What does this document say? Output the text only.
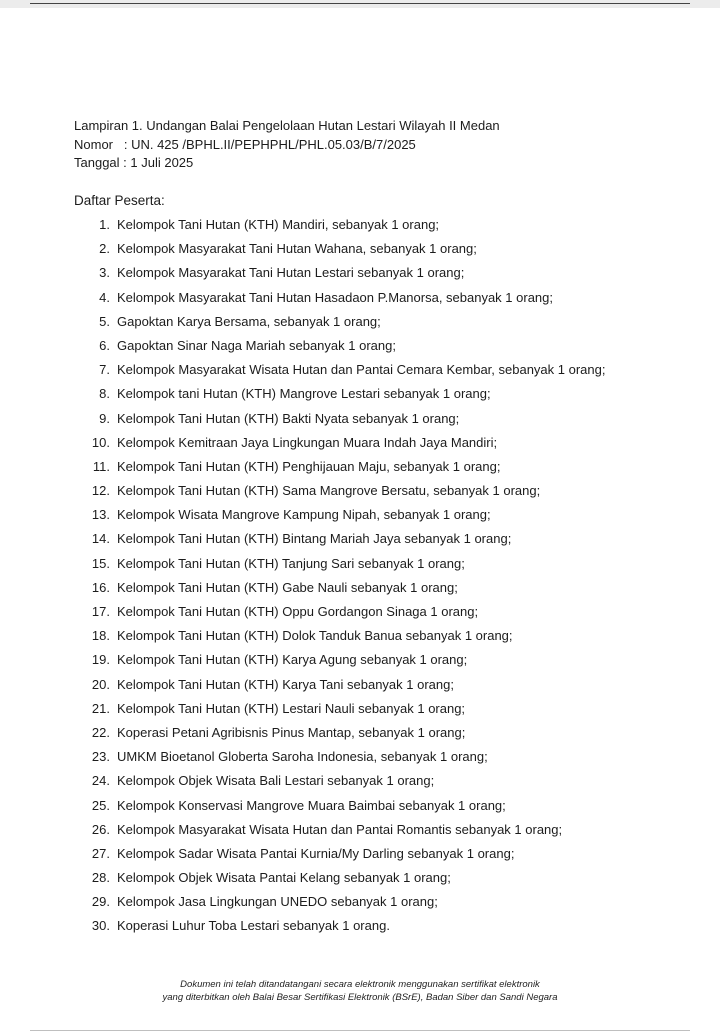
Lampiran 1. Undangan Balai Pengelolaan Hutan Lestari Wilayah II Medan
Nomor   : UN. 425 /BPHL.II/PEPHPHL/PHL.05.03/B/7/2025
Tanggal : 1 Juli 2025
Daftar Peserta:
1. Kelompok Tani Hutan (KTH) Mandiri, sebanyak 1 orang;
2. Kelompok Masyarakat Tani Hutan Wahana, sebanyak 1 orang;
3. Kelompok Masyarakat Tani Hutan Lestari sebanyak 1 orang;
4. Kelompok Masyarakat Tani Hutan Hasadaon P.Manorsa, sebanyak 1 orang;
5. Gapoktan Karya Bersama, sebanyak 1 orang;
6. Gapoktan Sinar Naga Mariah sebanyak 1 orang;
7. Kelompok Masyarakat Wisata Hutan dan Pantai Cemara Kembar, sebanyak 1 orang;
8. Kelompok tani Hutan (KTH) Mangrove Lestari sebanyak 1 orang;
9. Kelompok Tani Hutan (KTH) Bakti Nyata sebanyak 1 orang;
10. Kelompok Kemitraan Jaya Lingkungan Muara Indah Jaya Mandiri;
11. Kelompok Tani Hutan (KTH) Penghijauan Maju, sebanyak 1 orang;
12. Kelompok Tani Hutan (KTH) Sama Mangrove Bersatu, sebanyak 1 orang;
13. Kelompok Wisata Mangrove Kampung Nipah, sebanyak 1 orang;
14. Kelompok Tani Hutan (KTH) Bintang Mariah Jaya sebanyak 1 orang;
15. Kelompok Tani Hutan (KTH) Tanjung Sari sebanyak 1 orang;
16. Kelompok Tani Hutan (KTH) Gabe Nauli sebanyak 1 orang;
17. Kelompok Tani Hutan (KTH) Oppu Gordangon Sinaga 1 orang;
18. Kelompok Tani Hutan (KTH) Dolok Tanduk Banua sebanyak 1 orang;
19. Kelompok Tani Hutan (KTH) Karya Agung sebanyak 1 orang;
20. Kelompok Tani Hutan (KTH) Karya Tani sebanyak 1 orang;
21. Kelompok Tani Hutan (KTH) Lestari Nauli sebanyak 1 orang;
22. Koperasi Petani Agribisnis Pinus Mantap, sebanyak 1 orang;
23. UMKM Bioetanol Globerta Saroha Indonesia, sebanyak 1 orang;
24. Kelompok Objek Wisata Bali Lestari sebanyak 1 orang;
25. Kelompok Konservasi Mangrove Muara Baimbai sebanyak 1 orang;
26. Kelompok Masyarakat Wisata Hutan dan Pantai Romantis sebanyak 1 orang;
27. Kelompok Sadar Wisata Pantai Kurnia/My Darling sebanyak 1 orang;
28. Kelompok Objek Wisata Pantai Kelang sebanyak 1 orang;
29. Kelompok Jasa Lingkungan UNEDO sebanyak 1 orang;
30. Koperasi Luhur Toba Lestari sebanyak 1 orang.
Dokumen ini telah ditandatangani secara elektronik menggunakan sertifikat elektronik
yang diterbitkan oleh Balai Besar Sertifikasi Elektronik (BSrE), Badan Siber dan Sandi Negara
